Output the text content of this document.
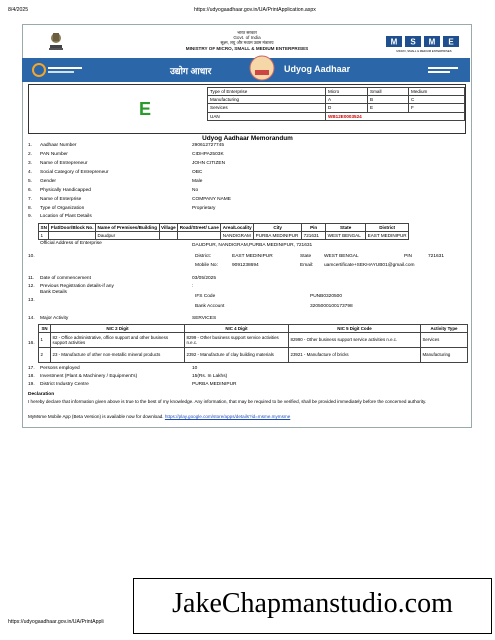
8/4/2025	https://udyogaadhaar.gov.in/UA/PrintApplication.aspx
भारत सरकार
Govt. of India
सूक्ष्म, लघु और मध्यम उद्यम मंत्रालय
MINISTRY OF MICRO, SMALL & MEDIUM ENTERPRISES
M S M E
MICRO, SMALL & MEDIUM ENTERPRISES
उद्योग आधार	Udyog Aadhaar
E
Type of Enterprise	Micro	Small	Medium
Manufacturing	A	B	C
Services	D	E	F
UAN	WB12E0003524		
Udyog Aadhaar Memorandum
1. Aadhaar Number	290612727745
2. PAN Number	CIDHPA2503K
3. Name of Entrepreneur	JOHN CITIZEN
4. Social Category of Entrepreneur	OBC
5. Gender	Male
6. Physically Handicapped	No
7. Name of Enterprise	COMPANY NAME
8. Type of Organization	Proprietary
9. Location of Plant Details
SN	Flat/Door/Block No.	Name of Premises/Building	Village	Road/Street/ Lane	Area/Locality	City	Pin	State	District
1		Daudpur			NANDIGRAM	PURBA MEDINIPUR	721631	WEST BENGAL	EAST MEDINIPUR
Official Address of Enterprise	DAUDPUR, NANDIGRAM,PURBA MEDINIPUR, 721631
10.	District:	EAST MEDINIPUR	State	WEST BENGAL	PIN	721631
Mobile No:	9091238694	Email: uamcertificate+SEKHAYUB01@gmail.com
11. Date of commencement	03/05/2025
12. Previous Registration details-if any	:
Bank Details
13.
IFS Code	PUNB0320500
Bank Account	3205000100173798
14. Major Activity	SERVICES
16.
SN	NIC 2 Digit	NIC 4 Digit	NIC 5 Digit Code	Activity Type
1	82 - Office administrative, office support and other business support activities	8299 - Other business support service activities n.e.c.	82990 - Other business support service activities n.e.c.	Services
2	23 - Manufacture of other non-metallic mineral products	2392 - Manufacture of clay building materials	23921 - Manufacture of bricks	Manufacturing
17. Persons employed	10
18. Investment (Plant & Machinery / Equipment's)	15(Rs. In Lakhs)
19. District Industry Centre	PURBA MEDINIPUR
Declaration
I hereby declare that information given above is true to the best of my knowledge. Any information, that may be required to be verified, shall be provided immediately before the concerned authority.
MyMsme Mobile App (Beta Version) is available now for download. https://play.google.com/store/apps/details?id=msme.mymsme
https://udyogaadhaar.gov.in/UA/PrintAppli
JakeChapmanstudio.com
